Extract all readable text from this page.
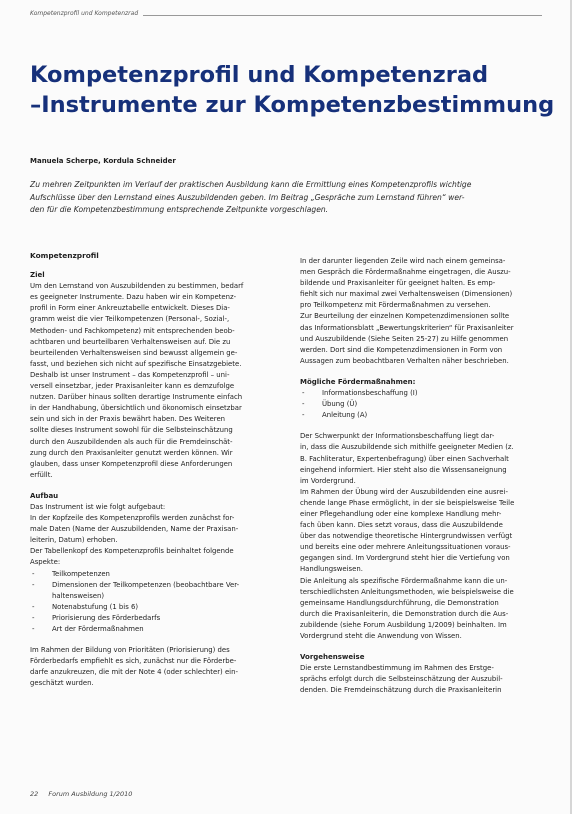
Kompetenzprofil und Kompetenzrad
Kompetenzprofil und Kompetenzrad
–Instrumente zur Kompetenzbestimmung
Manuela Scherpe, Kordula Schneider

Zu mehren Zeitpunkten im Verlauf der praktischen Ausbildung kann die Ermittlung eines Kompetenzprofils wichtige
Aufschlüsse über den Lernstand eines Auszubildenden geben. Im Beitrag „Gespräche zum Lernstand führen“ wer-
den für die Kompetenzbestimmung entsprechende Zeitpunkte vorgeschlagen.

Kompetenzprofil
Ziel

Um den Lernstand von Auszubildenden zu bestimmen, bedarf
es geeigneter Instrumente. Dazu haben wir ein Kompetenz-
profil in Form einer Ankreuztabelle entwickelt. Dieses Dia-
gramm weist die vier Teilkompetenzen (Personal-, Sozial-,
Methoden- und Fachkompetenz) mit entsprechenden beob-
achtbaren und beurteilbaren Verhaltensweisen auf. Die zu
beurteilenden Verhaltensweisen sind bewusst allgemein ge-
fasst, und beziehen sich nicht auf spezifische Einsatzgebiete.
Deshalb ist unser Instrument – das Kompetenzprofil – uni-
versell einsetzbar, jeder Praxisanleiter kann es demzufolge
nutzen. Darüber hinaus sollten derartige Instrumente einfach
in der Handhabung, übersichtlich und ökonomisch einsetzbar
sein und sich in der Praxis bewährt haben. Des Weiteren
sollte dieses Instrument sowohl für die Selbsteinschätzung
durch den Auszubildenden als auch für die Fremdeinschät-
zung durch den Praxisanleiter genutzt werden können. Wir
glauben, dass unser Kompetenzprofil diese Anforderungen
erfüllt.

Aufbau

Das Instrument ist wie folgt aufgebaut:
In der Kopfzeile des Kompetenzprofils werden zunächst for-
male Daten (Name der Auszubildenden, Name der Praxisan-
leiterin, Datum) erhoben.
Der Tabellenkopf des Kompetenzprofils beinhaltet folgende
Aspekte:

- Teilkompetenzen
- Dimensionen der Teilkompetenzen (beobachtbare Ver-
haltensweisen)
- Notenabstufung (1 bis 6)
- Priorisierung des Förderbedarfs
- Art der Fördermaßnahmen

Im Rahmen der Bildung von Prioritäten (Priorisierung) des
Förderbedarfs empfiehlt es sich, zunächst nur die Förderbe-
darfe anzukreuzen, die mit der Note 4 (oder schlechter) ein-
geschätzt wurden.

In der darunter liegenden Zeile wird nach einem gemeinsa-
men Gespräch die Fördermaßnahme eingetragen, die Auszu-
bildende und Praxisanleiter für geeignet halten. Es emp-
fiehlt sich nur maximal zwei Verhaltensweisen (Dimensionen)
pro Teilkompetenz mit Fördermaßnahmen zu versehen.
Zur Beurteilung der einzelnen Kompetenzdimensionen sollte
das Informationsblatt „Bewertungskriterien“ für Praxisanleiter
und Auszubildende (Siehe Seiten 25-27) zu Hilfe genommen
werden. Dort sind die Kompetenzdimensionen in Form von
Aussagen zum beobachtbaren Verhalten näher beschrieben.

Mögliche Fördermaßnahmen:
- Informationsbeschaffung (I)
- Übung (Ü)
- Anleitung (A)

Der Schwerpunkt der Informationsbeschaffung liegt dar-
in, dass die Auszubildende sich mithilfe geeigneter Medien (z.
B. Fachliteratur, Expertenbefragung) über einen Sachverhalt
eingehend informiert. Hier steht also die Wissensaneignung
im Vordergrund.
Im Rahmen der Übung wird der Auszubildenden eine ausrei-
chende lange Phase ermöglicht, in der sie beispielsweise Teile
einer Pflegehandlung oder eine komplexe Handlung mehr-
fach üben kann. Dies setzt voraus, dass die Auszubildende
über das notwendige theoretische Hintergrundwissen verfügt
und bereits eine oder mehrere Anleitungssituationen voraus-
gegangen sind. Im Vordergrund steht hier die Vertiefung von
Handlungsweisen.
Die Anleitung als spezifische Fördermaßnahme kann die un-
terschiedlichsten Anleitungsmethoden, wie beispielsweise die
gemeinsame Handlungsdurchführung, die Demonstration
durch die Praxisanleiterin, die Demonstration durch die Aus-
zubildende (siehe Forum Ausbildung 1/2009) beinhalten. Im
Vordergrund steht die Anwendung von Wissen.

Vorgehensweise

Die erste Lernstandbestimmung im Rahmen des Erstge-
sprächs erfolgt durch die Selbsteinschätzung der Auszubil-
denden. Die Fremdeinschätzung durch die Praxisanleiterin

22 Forum Ausbildung 1/2010
